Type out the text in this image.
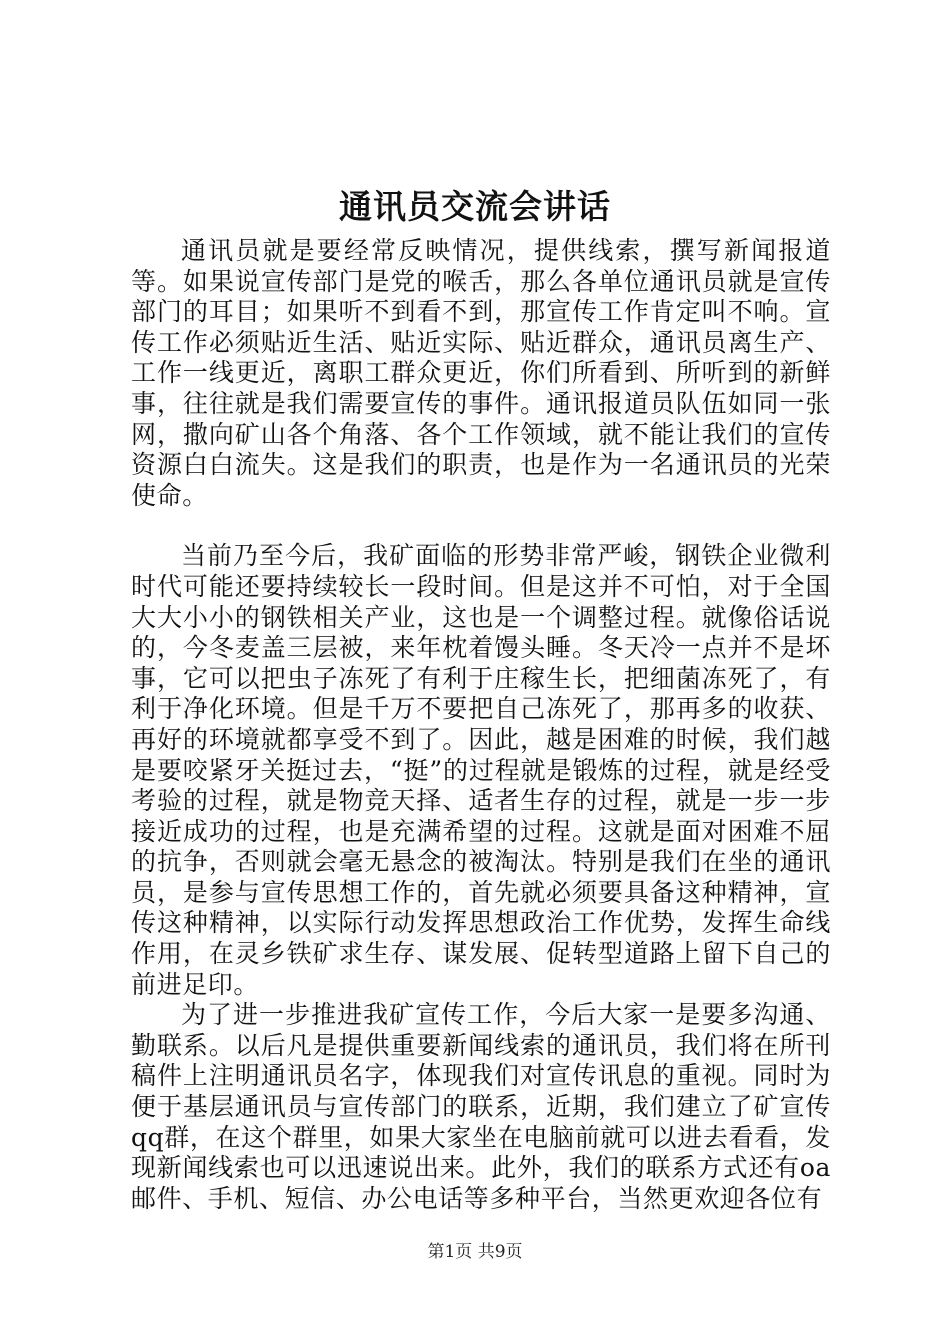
通讯员交流会讲话

通讯员就是要经常反映情况，提供线索，撰写新闻报道等。如果说宣传部门是党的喉舌，那么各单位通讯员就是宣传部门的耳目；如果听不到看不到，那宣传工作肯定叫不响。宣传工作必须贴近生活、贴近实际、贴近群众，通讯员离生产、工作一线更近，离职工群众更近，你们所看到、所听到的新鲜事，往往就是我们需要宣传的事件。通讯报道员队伍如同一张网，撒向矿山各个角落、各个工作领域，就不能让我们的宣传资源白白流失。这是我们的职责，也是作为一名通讯员的光荣使命。

当前乃至今后，我矿面临的形势非常严峻，钢铁企业微利时代可能还要持续较长一段时间。但是这并不可怕，对于全国大大小小的钢铁相关产业，这也是一个调整过程。就像俗话说的，今冬麦盖三层被，来年枕着馒头睡。冬天冷一点并不是坏事，它可以把虫子冻死了有利于庄稼生长，把细菌冻死了，有利于净化环境。但是千万不要把自己冻死了，那再多的收获、再好的环境就都享受不到了。因此，越是困难的时候，我们越是要咬紧牙关挺过去，“挺”的过程就是锻炼的过程，就是经受考验的过程，就是物竞天择、适者生存的过程，就是一步一步接近成功的过程，也是充满希望的过程。这就是面对困难不屈的抗争，否则就会毫无悬念的被淘汰。特别是我们在坐的通讯员，是参与宣传思想工作的，首先就必须要具备这种精神，宣传这种精神，以实际行动发挥思想政治工作优势，发挥生命线作用，在灵乡铁矿求生存、谋发展、促转型道路上留下自己的前进足印。

为了进一步推进我矿宣传工作，今后大家一是要多沟通、勤联系。以后凡是提供重要新闻线索的通讯员，我们将在所刊稿件上注明通讯员名字，体现我们对宣传讯息的重视。同时为便于基层通讯员与宣传部门的联系，近期，我们建立了矿宣传qq群，在这个群里，如果大家坐在电脑前就可以进去看看，发现新闻线索也可以迅速说出来。此外，我们的联系方式还有oa邮件、手机、短信、办公电话等多种平台，当然更欢迎各位有

第1页 共9页
